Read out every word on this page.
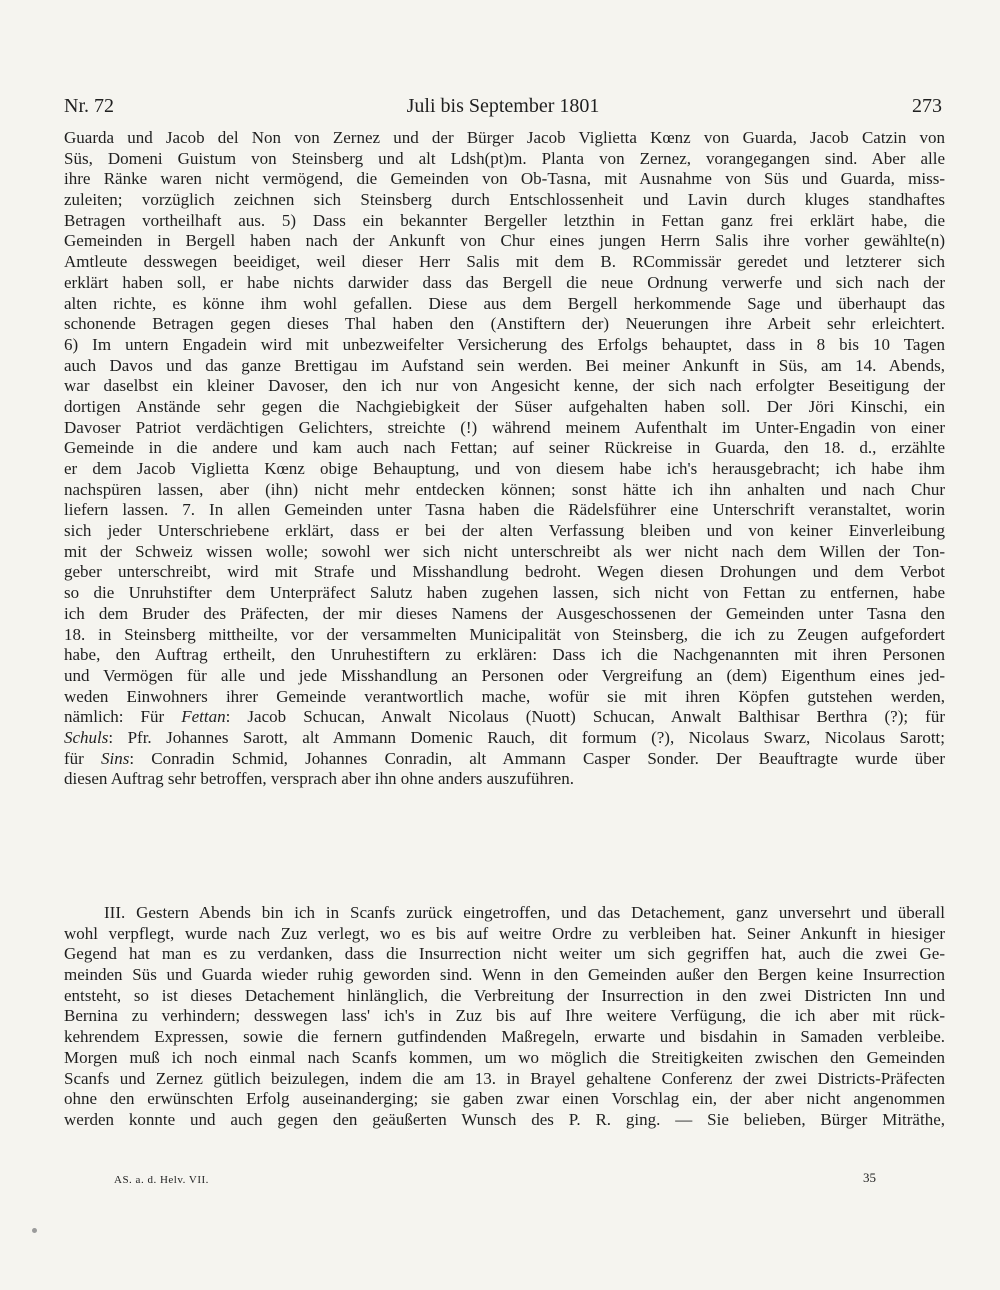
Nr. 72	Juli bis September 1801	273
Guarda und Jacob del Non von Zernez und der Bürger Jacob Viglietta Kœnz von Guarda, Jacob Catzin von
Süs, Domeni Guistum von Steinsberg und alt Ldsh(pt)m. Planta von Zernez, vorangegangen sind. Aber alle
ihre Ränke waren nicht vermögend, die Gemeinden von Ob-Tasna, mit Ausnahme von Süs und Guarda, miss-
zuleiten; vorzüglich zeichnen sich Steinsberg durch Entschlossenheit und Lavin durch kluges standhaftes
Betragen vortheilhaft aus. 5) Dass ein bekannter Bergeller letzthin in Fettan ganz frei erklärt habe, die
Gemeinden in Bergell haben nach der Ankunft von Chur eines jungen Herrn Salis ihre vorher gewählte(n)
Amtleute desswegen beeidiget, weil dieser Herr Salis mit dem B. RCommissär geredet und letzterer sich
erklärt haben soll, er habe nichts darwider dass das Bergell die neue Ordnung verwerfe und sich nach der
alten richte, es könne ihm wohl gefallen. Diese aus dem Bergell herkommende Sage und überhaupt das
schonende Betragen gegen dieses Thal haben den (Anstiftern der) Neuerungen ihre Arbeit sehr erleichtert.
6) Im untern Engadein wird mit unbezweifelter Versicherung des Erfolgs behauptet, dass in 8 bis 10 Tagen
auch Davos und das ganze Brettigau im Aufstand sein werden. Bei meiner Ankunft in Süs, am 14. Abends,
war daselbst ein kleiner Davoser, den ich nur von Angesicht kenne, der sich nach erfolgter Beseitigung der
dortigen Anstände sehr gegen die Nachgiebigkeit der Süser aufgehalten haben soll. Der Jöri Kinschi, ein
Davoser Patriot verdächtigen Gelichters, streichte (!) während meinem Aufenthalt im Unter-Engadin von einer
Gemeinde in die andere und kam auch nach Fettan; auf seiner Rückreise in Guarda, den 18. d., erzählte
er dem Jacob Viglietta Kœnz obige Behauptung, und von diesem habe ich's herausgebracht; ich habe ihm
nachspüren lassen, aber (ihn) nicht mehr entdecken können; sonst hätte ich ihn anhalten und nach Chur
liefern lassen. 7. In allen Gemeinden unter Tasna haben die Rädelsführer eine Unterschrift veranstaltet, worin
sich jeder Unterschriebene erklärt, dass er bei der alten Verfassung bleiben und von keiner Einverleibung
mit der Schweiz wissen wolle; sowohl wer sich nicht unterschreibt als wer nicht nach dem Willen der Ton-
geber unterschreibt, wird mit Strafe und Misshandlung bedroht. Wegen diesen Drohungen und dem Verbot
so die Unruhstifter dem Unterpräfect Salutz haben zugehen lassen, sich nicht von Fettan zu entfernen, habe
ich dem Bruder des Präfecten, der mir dieses Namens der Ausgeschossenen der Gemeinden unter Tasna den
18. in Steinsberg mittheilte, vor der versammelten Municipalität von Steinsberg, die ich zu Zeugen aufgefordert
habe, den Auftrag ertheilt, den Unruhestiftern zu erklären: Dass ich die Nachgenannten mit ihren Personen
und Vermögen für alle und jede Misshandlung an Personen oder Vergreifung an (dem) Eigenthum eines jed-
weden Einwohners ihrer Gemeinde verantwortlich mache, wofür sie mit ihren Köpfen gutstehen werden,
nämlich: Für Fettan: Jacob Schucan, Anwalt Nicolaus (Nuott) Schucan, Anwalt Balthisar Berthra (?); für
Schuls: Pfr. Johannes Sarott, alt Ammann Domenic Rauch, dit formum (?), Nicolaus Swarz, Nicolaus Sarott;
für Sins: Conradin Schmid, Johannes Conradin, alt Ammann Casper Sonder. Der Beauftragte wurde über
diesen Auftrag sehr betroffen, versprach aber ihn ohne anders auszuführen.
III. Gestern Abends bin ich in Scanfs zurück eingetroffen, und das Detachement, ganz unversehrt und überall
wohl verpflegt, wurde nach Zuz verlegt, wo es bis auf weitre Ordre zu verbleiben hat. Seiner Ankunft in hiesiger
Gegend hat man es zu verdanken, dass die Insurrection nicht weiter um sich gegriffen hat, auch die zwei Ge-
meinden Süs und Guarda wieder ruhig geworden sind. Wenn in den Gemeinden außer den Bergen keine Insurrection
entsteht, so ist dieses Detachement hinlänglich, die Verbreitung der Insurrection in den zwei Districten Inn und
Bernina zu verhindern; desswegen lass' ich's in Zuz bis auf Ihre weitere Verfügung, die ich aber mit rück-
kehrendem Expressen, sowie die fernern gutfindenden Maßregeln, erwarte und bisdahin in Samaden verbleibe.
Morgen muß ich noch einmal nach Scanfs kommen, um wo möglich die Streitigkeiten zwischen den Gemeinden
Scanfs und Zernez gütlich beizulegen, indem die am 13. in Brayel gehaltene Conferenz der zwei Districts-Präfecten
ohne den erwünschten Erfolg auseinanderging; sie gaben zwar einen Vorschlag ein, der aber nicht angenommen
werden konnte und auch gegen den geäußerten Wunsch des P. R. ging. — Sie belieben, Bürger Miträthe,
AS. a. d. Helv. VII.	35
